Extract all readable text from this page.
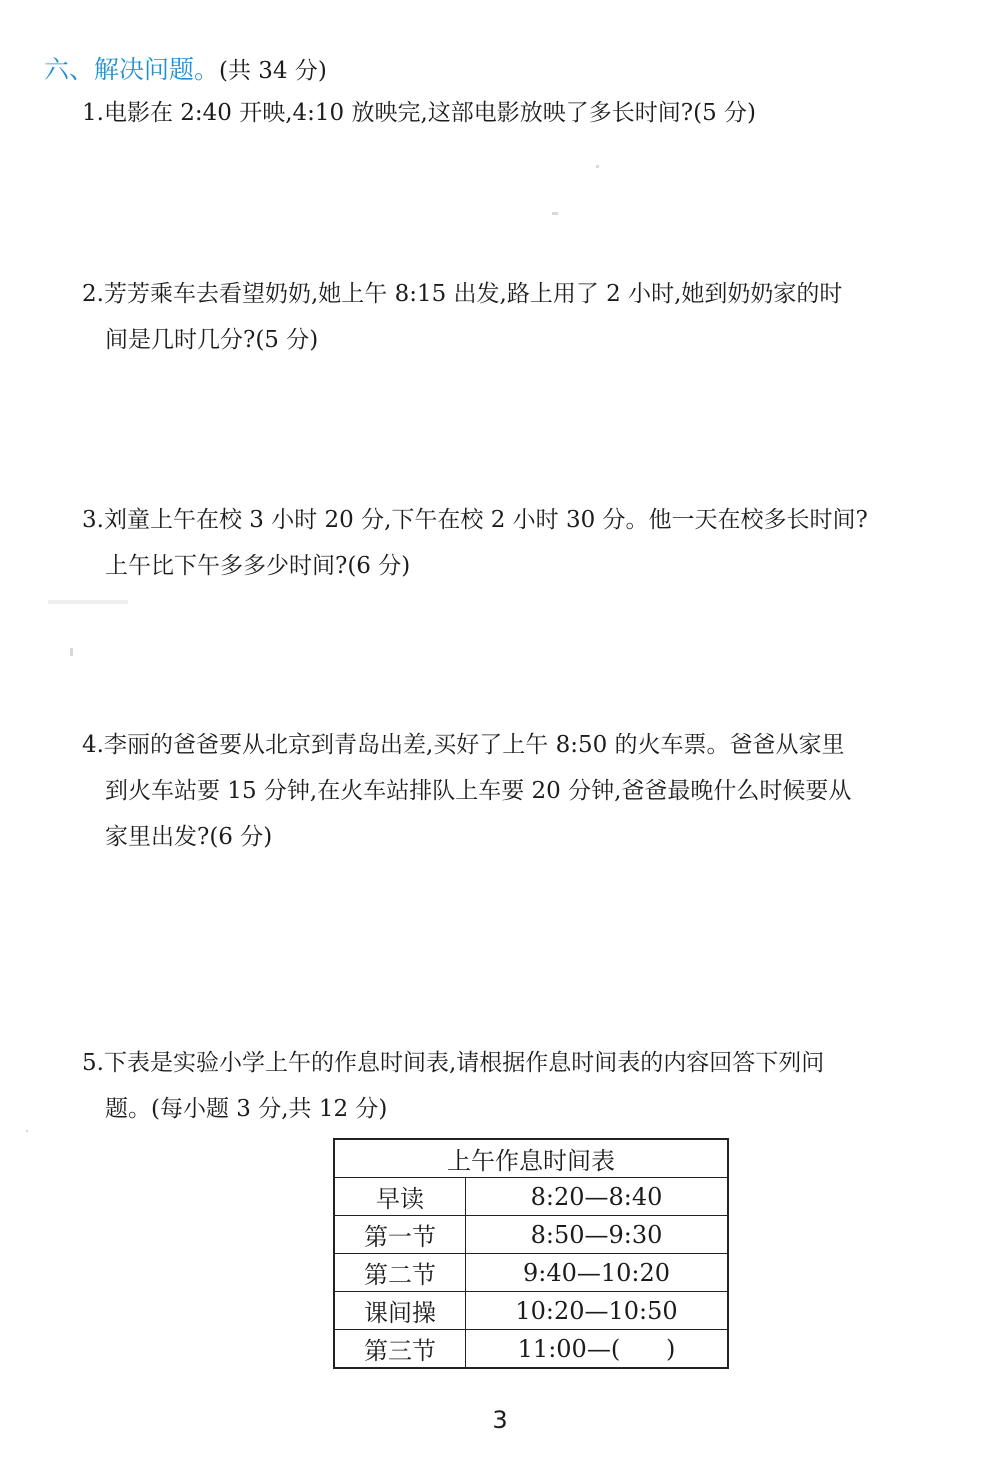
六、解决问题。(共 34 分)
1.电影在 2:40 开映,4:10 放映完,这部电影放映了多长时间?(5 分)
2.芳芳乘车去看望奶奶,她上午 8:15 出发,路上用了 2 小时,她到奶奶家的时
间是几时几分?(5 分)
3.刘童上午在校 3 小时 20 分,下午在校 2 小时 30 分。他一天在校多长时间?
上午比下午多多少时间?(6 分)
4.李丽的爸爸要从北京到青岛出差,买好了上午 8:50 的火车票。爸爸从家里
到火车站要 15 分钟,在火车站排队上车要 20 分钟,爸爸最晚什么时候要从
家里出发?(6 分)
5.下表是实验小学上午的作息时间表,请根据作息时间表的内容回答下列问
题。(每小题 3 分,共 12 分)
上午作息时间表	
早读	8:20—8:40
第一节	8:50—9:30
第二节	9:40—10:20
课间操	10:20—10:50
第三节	11:00—(      )
3
